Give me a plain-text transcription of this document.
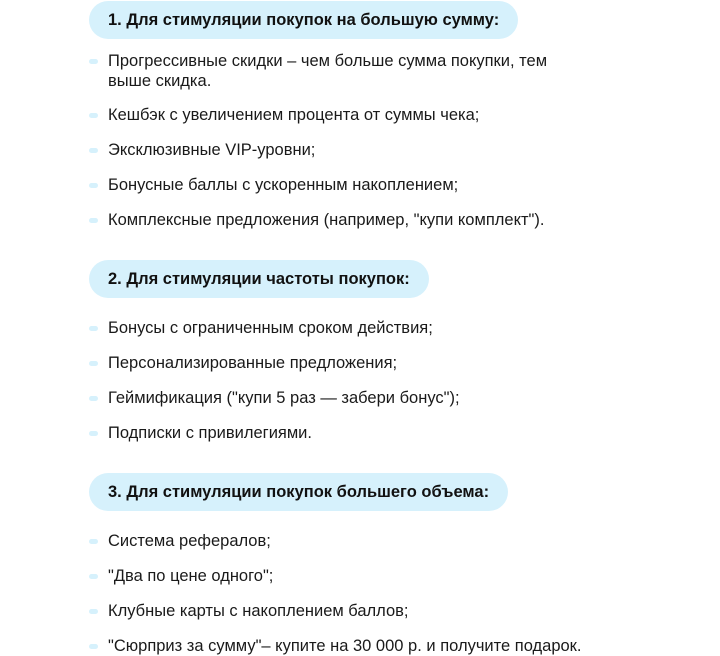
1. Для стимуляции покупок на большую сумму:
Прогрессивные скидки – чем больше сумма покупки, тем выше скидка.
Кешбэк с увеличением процента от суммы чека;
Эксклюзивные VIP-уровни;
Бонусные баллы с ускоренным накоплением;
Комплексные предложения (например, "купи комплект").
2. Для стимуляции частоты покупок:
Бонусы с ограниченным сроком действия;
Персонализированные предложения;
Геймификация ("купи 5 раз — забери бонус");
Подписки с привилегиями.
3. Для стимуляции покупок большего объема:
Система рефералов;
"Два по цене одного";
Клубные карты с накоплением баллов;
"Сюрприз за сумму"– купите на 30 000 р. и получите подарок.
